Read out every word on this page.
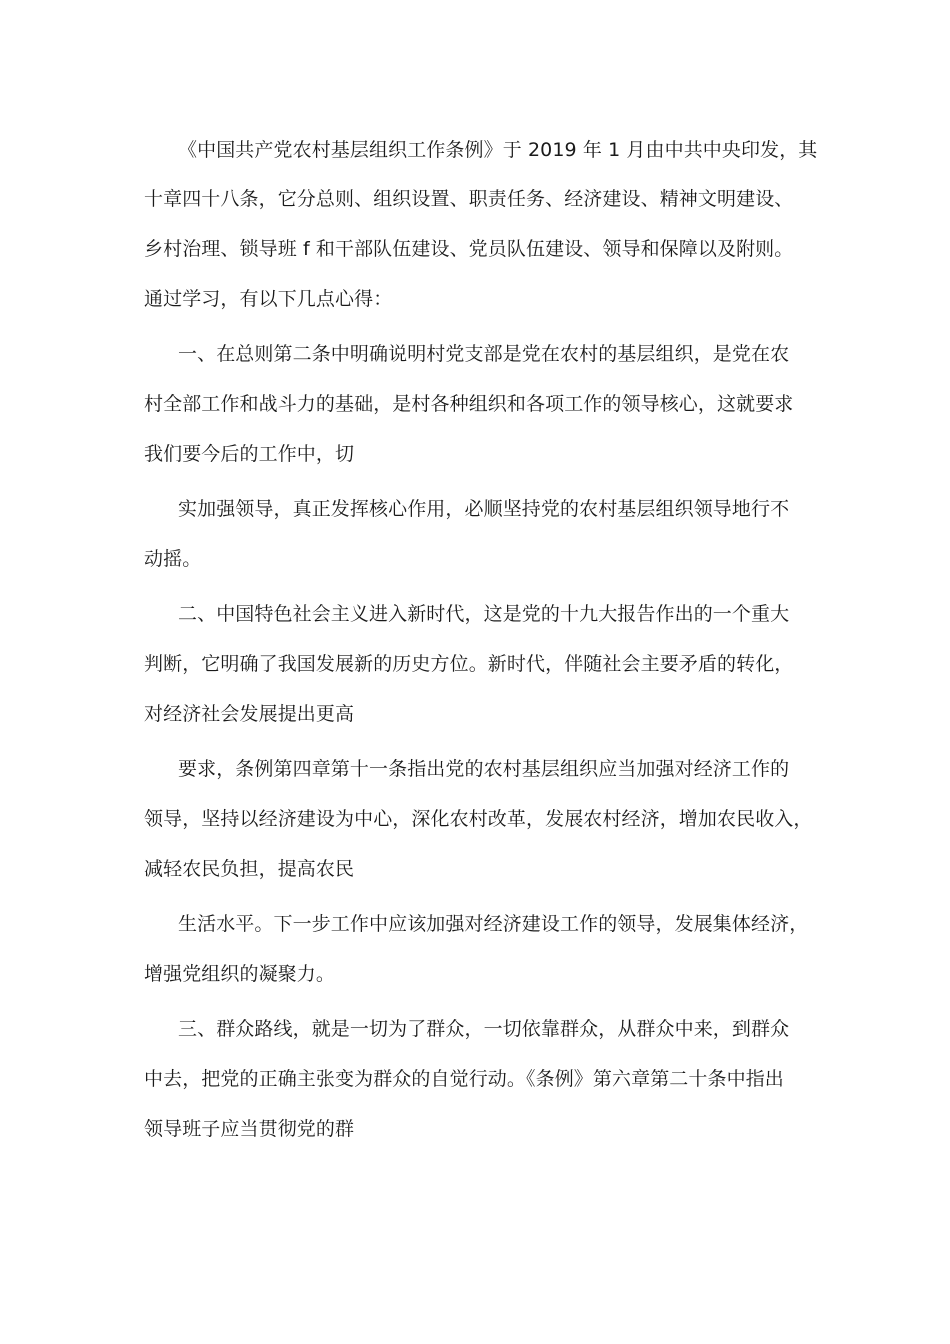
《中国共产党农村基层组织工作条例》于 2019 年 1 月由中共中央印发，其

十章四十八条，它分总则、组织设置、职责任务、经济建设、精神文明建设、

乡村治理、锁导班 f 和干部队伍建设、党员队伍建设、领导和保障以及附则。

通过学习，有以下几点心得：

一、在总则第二条中明确说明村党支部是党在农村的基层组织，是党在农

村全部工作和战斗力的基础，是村各种组织和各项工作的领导核心，这就要求

我们要今后的工作中，切

实加强领导，真正发挥核心作用，必顺坚持党的农村基层组织领导地行不

动摇。

二、中国特色社会主义进入新时代，这是党的十九大报告作出的一个重大

判断，它明确了我国发展新的历史方位。新时代，伴随社会主要矛盾的转化，

对经济社会发展提出更高

要求，条例第四章第十一条指出党的农村基层组织应当加强对经济工作的

领导，坚持以经济建设为中心，深化农村改革，发展农村经济，增加农民收入，

减轻农民负担，提高农民

生活水平。下一步工作中应该加强对经济建设工作的领导，发展集体经济，

增强党组织的凝聚力。

三、群众路线，就是一切为了群众，一切依靠群众，从群众中来，到群众

中去，把党的正确主张变为群众的自觉行动。《条例》第六章第二十条中指出

领导班子应当贯彻党的群
